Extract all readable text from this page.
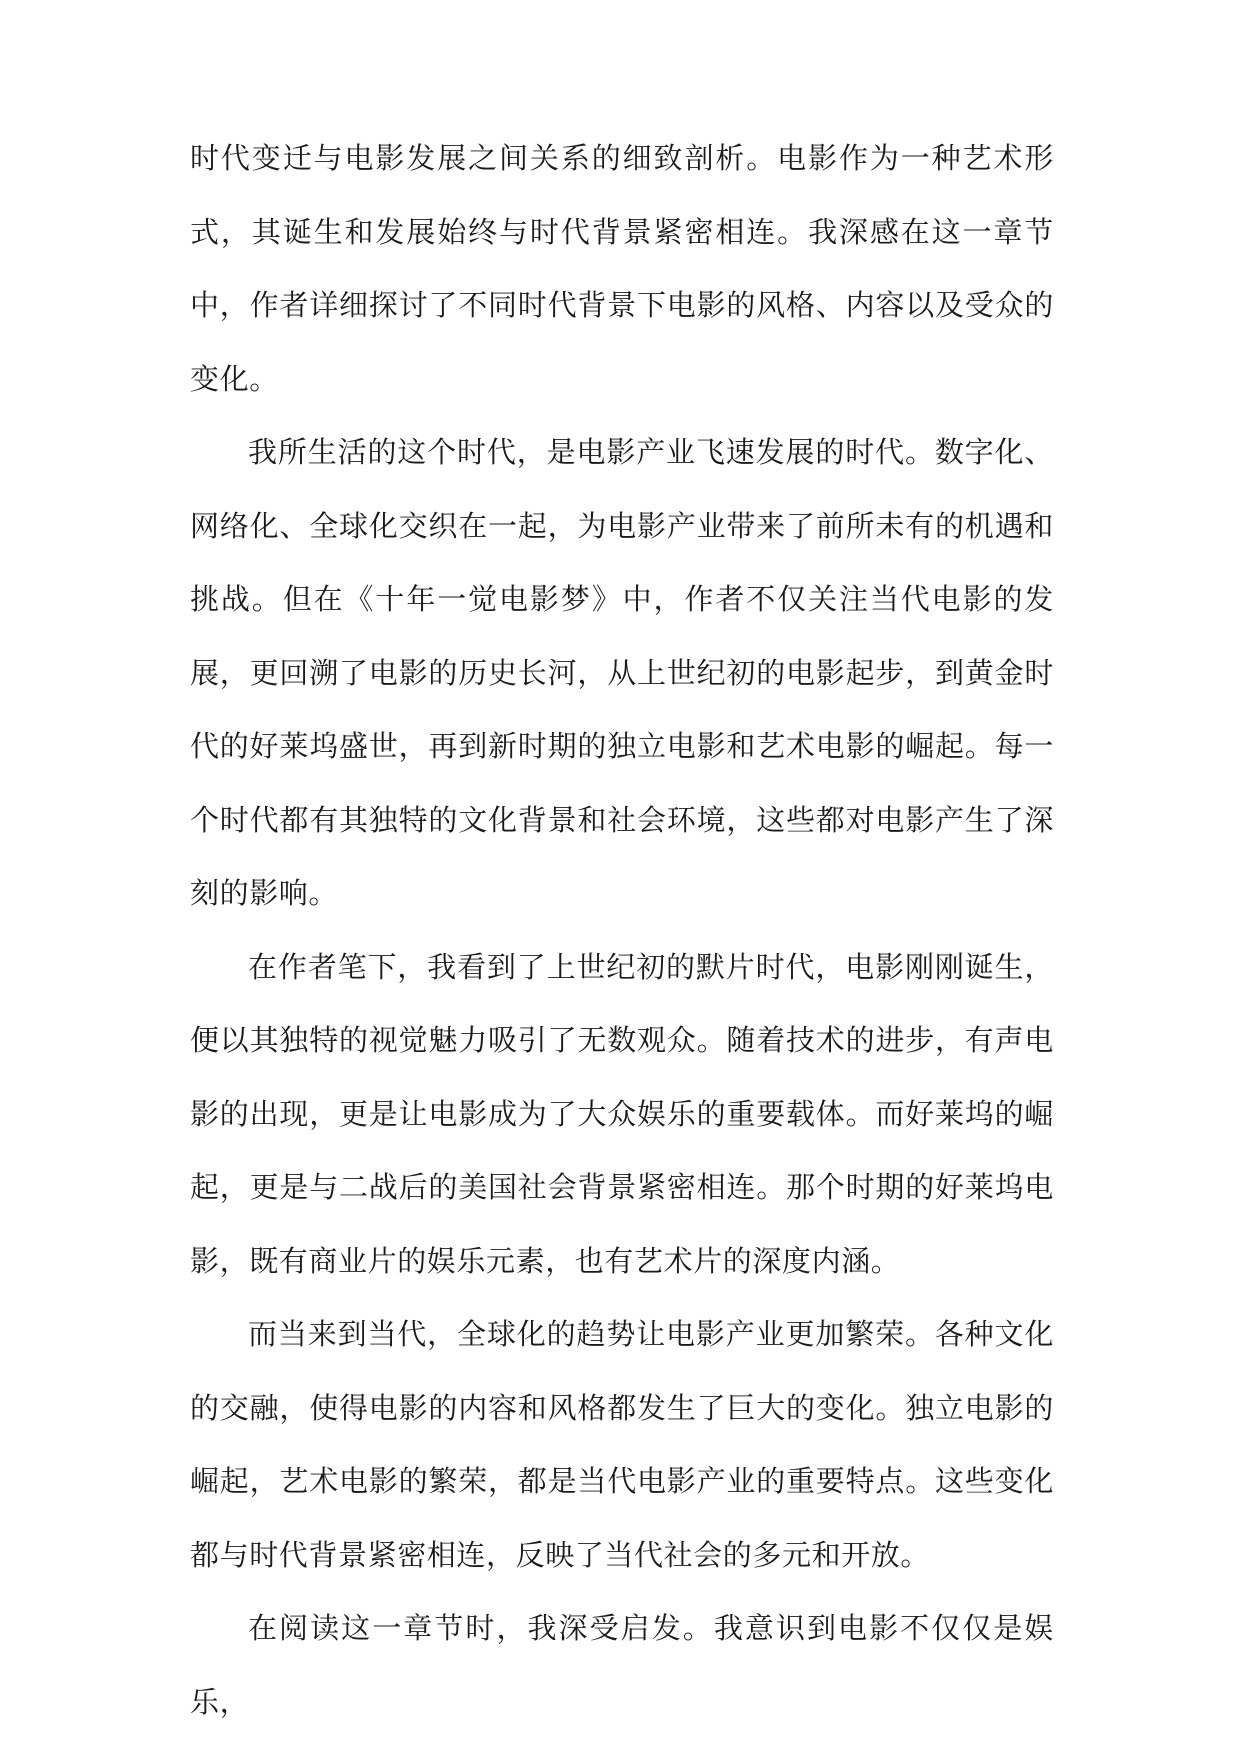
时代变迁与电影发展之间关系的细致剖析。电影作为一种艺术形式，其诞生和发展始终与时代背景紧密相连。我深感在这一章节中，作者详细探讨了不同时代背景下电影的风格、内容以及受众的变化。

我所生活的这个时代，是电影产业飞速发展的时代。数字化、网络化、全球化交织在一起，为电影产业带来了前所未有的机遇和挑战。但在《十年一觉电影梦》中，作者不仅关注当代电影的发展，更回溯了电影的历史长河，从上世纪初的电影起步，到黄金时代的好莱坞盛世，再到新时期的独立电影和艺术电影的崛起。每一个时代都有其独特的文化背景和社会环境，这些都对电影产生了深刻的影响。

在作者笔下，我看到了上世纪初的默片时代，电影刚刚诞生，便以其独特的视觉魅力吸引了无数观众。随着技术的进步，有声电影的出现，更是让电影成为了大众娱乐的重要载体。而好莱坞的崛起，更是与二战后的美国社会背景紧密相连。那个时期的好莱坞电影，既有商业片的娱乐元素，也有艺术片的深度内涵。

而当来到当代，全球化的趋势让电影产业更加繁荣。各种文化的交融，使得电影的内容和风格都发生了巨大的变化。独立电影的崛起，艺术电影的繁荣，都是当代电影产业的重要特点。这些变化都与时代背景紧密相连，反映了当代社会的多元和开放。

在阅读这一章节时，我深受启发。我意识到电影不仅仅是娱乐，
